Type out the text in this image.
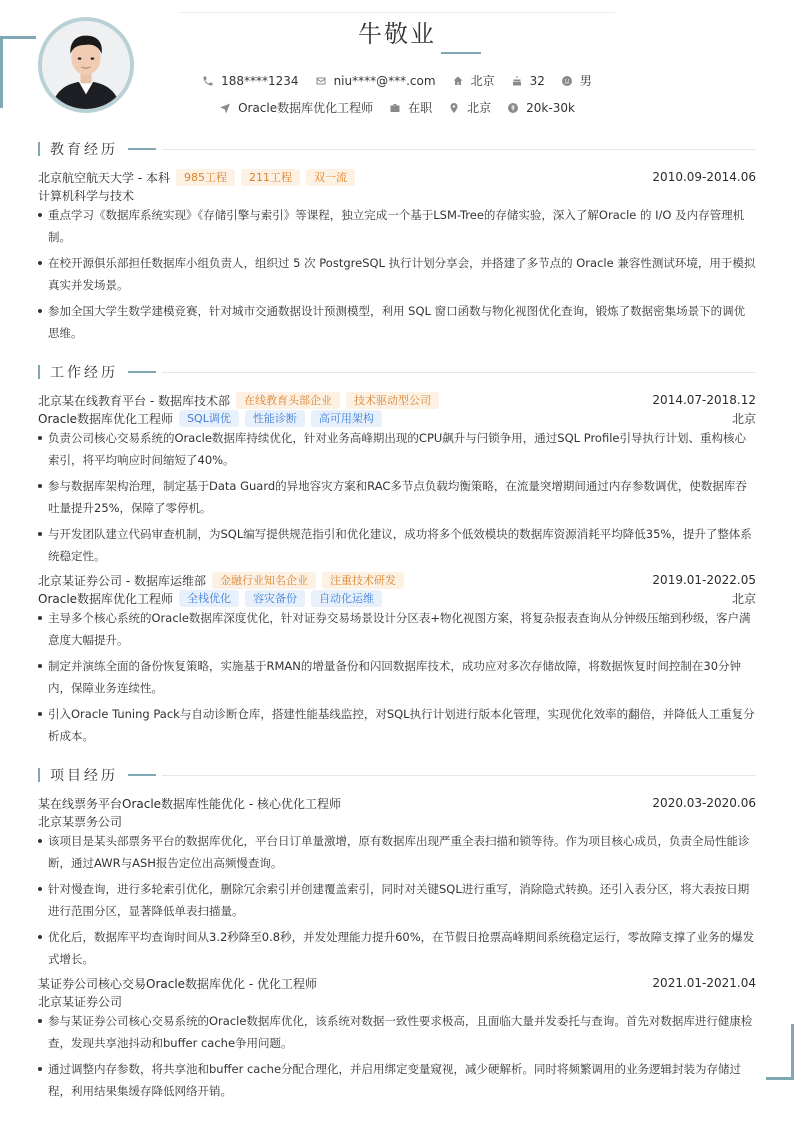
牛敬业
188****1234	niu****@***.com	北京	32	男
Oracle数据库优化工程师	在职	北京	20k-30k
教育经历
北京航空航天大学 - 本科	985工程	211工程	双一流	2010.09-2014.06
计算机科学与技术
重点学习《数据库系统实现》《存储引擎与索引》等课程，独立完成一个基于LSM-Tree的存储实验，深入了解Oracle 的 I/O 及内存管理机制。
在校开源俱乐部担任数据库小组负责人，组织过 5 次 PostgreSQL 执行计划分享会，并搭建了多节点的 Oracle 兼容性测试环境，用于模拟真实并发场景。
参加全国大学生数学建模竞赛，针对城市交通数据设计预测模型，利用 SQL 窗口函数与物化视图优化查询，锻炼了数据密集场景下的调优思维。
工作经历
北京某在线教育平台 - 数据库技术部	在线教育头部企业	技术驱动型公司	2014.07-2018.12
Oracle数据库优化工程师	SQL调优	性能诊断	高可用架构	北京
负责公司核心交易系统的Oracle数据库持续优化，针对业务高峰期出现的CPU飙升与闩锁争用，通过SQL Profile引导执行计划、重构核心索引，将平均响应时间缩短了40%。
参与数据库架构治理，制定基于Data Guard的异地容灾方案和RAC多节点负载均衡策略，在流量突增期间通过内存参数调优，使数据库吞吐量提升25%，保障了零停机。
与开发团队建立代码审查机制，为SQL编写提供规范指引和优化建议，成功将多个低效模块的数据库资源消耗平均降低35%，提升了整体系统稳定性。
北京某证券公司 - 数据库运维部	金融行业知名企业	注重技术研发	2019.01-2022.05
Oracle数据库优化工程师	全栈优化	容灾备份	自动化运维	北京
主导多个核心系统的Oracle数据库深度优化，针对证券交易场景设计分区表+物化视图方案，将复杂报表查询从分钟级压缩到秒级，客户满意度大幅提升。
制定并演练全面的备份恢复策略，实施基于RMAN的增量备份和闪回数据库技术，成功应对多次存储故障，将数据恢复时间控制在30分钟内，保障业务连续性。
引入Oracle Tuning Pack与自动诊断仓库，搭建性能基线监控，对SQL执行计划进行版本化管理，实现优化效率的翻倍，并降低人工重复分析成本。
项目经历
某在线票务平台Oracle数据库性能优化 - 核心优化工程师	2020.03-2020.06
北京某票务公司
该项目是某头部票务平台的数据库优化，平台日订单量激增，原有数据库出现严重全表扫描和锁等待。作为项目核心成员，负责全局性能诊断，通过AWR与ASH报告定位出高频慢查询。
针对慢查询，进行多轮索引优化，删除冗余索引并创建覆盖索引，同时对关键SQL进行重写，消除隐式转换。还引入表分区，将大表按日期进行范围分区，显著降低单表扫描量。
优化后，数据库平均查询时间从3.2秒降至0.8秒，并发处理能力提升60%，在节假日抢票高峰期间系统稳定运行，零故障支撑了业务的爆发式增长。
某证券公司核心交易Oracle数据库优化 - 优化工程师	2021.01-2021.04
北京某证券公司
参与某证券公司核心交易系统的Oracle数据库优化，该系统对数据一致性要求极高，且面临大量并发委托与查询。首先对数据库进行健康检查，发现共享池抖动和buffer cache争用问题。
通过调整内存参数，将共享池和buffer cache分配合理化，并启用绑定变量窥视，减少硬解析。同时将频繁调用的业务逻辑封装为存储过程，利用结果集缓存降低网络开销。
